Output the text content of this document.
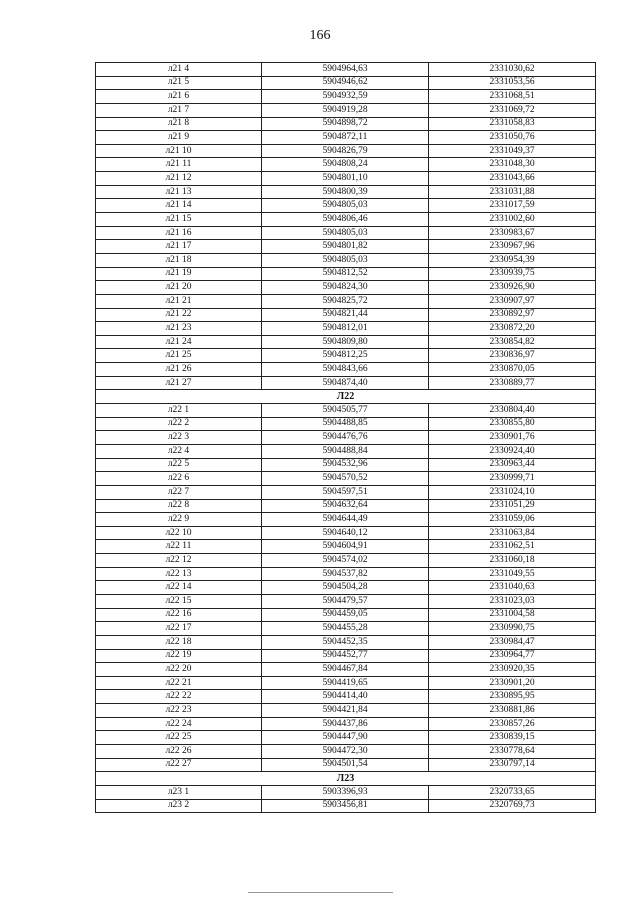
166
л21 4	5904964,63	2331030,62
л21 5	5904946,62	2331053,56
л21 6	5904932,59	2331068,51
л21 7	5904919,28	2331069,72
л21 8	5904898,72	2331058,83
л21 9	5904872,11	2331050,76
л21 10	5904826,79	2331049,37
л21 11	5904808,24	2331048,30
л21 12	5904801,10	2331043,66
л21 13	5904800,39	2331031,88
л21 14	5904805,03	2331017,59
л21 15	5904806,46	2331002,60
л21 16	5904805,03	2330983,67
л21 17	5904801,82	2330967,96
л21 18	5904805,03	2330954,39
л21 19	5904812,52	2330939,75
л21 20	5904824,30	2330926,90
л21 21	5904825,72	2330907,97
л21 22	5904821,44	2330892,97
л21 23	5904812,01	2330872,20
л21 24	5904809,80	2330854,82
л21 25	5904812,25	2330836,97
л21 26	5904843,66	2330870,05
л21 27	5904874,40	2330889,77
Л22		
л22 1	5904505,77	2330804,40
л22 2	5904488,85	2330855,80
л22 3	5904476,76	2330901,76
л22 4	5904488,84	2330924,40
л22 5	5904532,96	2330963,44
л22 6	5904570,52	2330999,71
л22 7	5904597,51	2331024,10
л22 8	5904632,64	2331051,29
л22 9	5904644,49	2331059,06
л22 10	5904640,12	2331063,84
л22 11	5904604,91	2331062,51
л22 12	5904574,02	2331060,18
л22 13	5904537,82	2331049,55
л22 14	5904504,28	2331040,63
л22 15	5904479,57	2331023,03
л22 16	5904459,05	2331004,58
л22 17	5904455,28	2330990,75
л22 18	5904452,35	2330984,47
л22 19	5904452,77	2330964,77
л22 20	5904467,84	2330920,35
л22 21	5904419,65	2330901,20
л22 22	5904414,40	2330895,95
л22 23	5904421,84	2330881,86
л22 24	5904437,86	2330857,26
л22 25	5904447,90	2330839,15
л22 26	5904472,30	2330778,64
л22 27	5904501,54	2330797,14
Л23		
л23 1	5903396,93	2320733,65
л23 2	5903456,81	2320769,73
